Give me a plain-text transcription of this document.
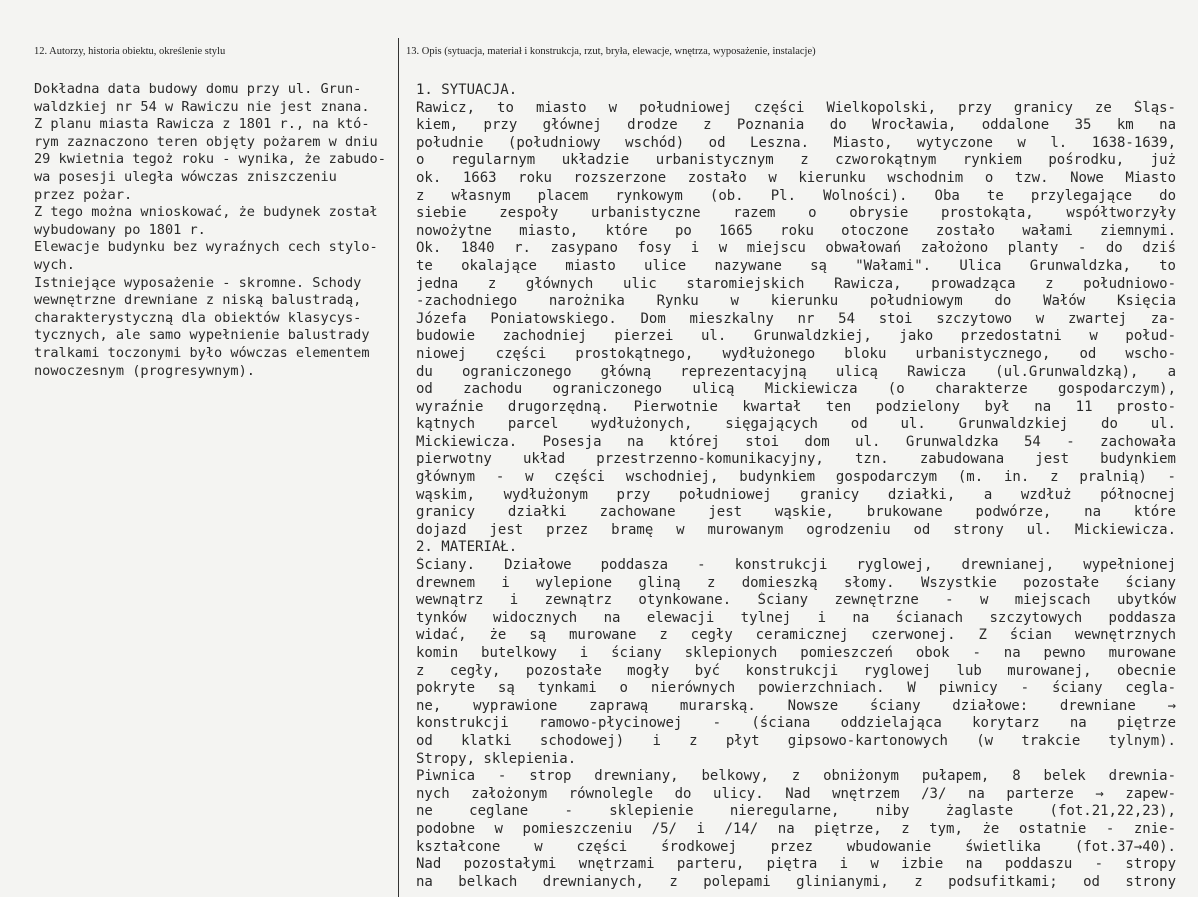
12. Autorzy, historia obiektu, określenie stylu	13. Opis (sytuacja, materiał i konstrukcja, rzut, bryła, elewacje, wnętrza, wyposażenie, instalacje)
Dokładna data budowy domu przy ul. Grun-
waldzkiej nr 54 w Rawiczu nie jest znana.
Z planu miasta Rawicza z 1801 r., na któ-
rym zaznaczono teren objęty pożarem w dniu
29 kwietnia tegoż roku - wynika, że zabudo-
wa posesji uległa wówczas zniszczeniu
przez pożar.
Z tego można wnioskować, że budynek został
wybudowany po 1801 r.
Elewacje budynku bez wyraźnych cech stylo-
wych.
Istniejące wyposażenie - skromne. Schody
wewnętrzne drewniane z niską balustradą,
charakterystyczną dla obiektów klasycys-
tycznych, ale samo wypełnienie balustrady
tralkami toczonymi było wówczas elementem
nowoczesnym (progresywnym).
1. SYTUACJA.
Rawicz, to miasto w południowej części Wielkopolski, przy granicy ze Śląs-
kiem, przy głównej drodze z Poznania do Wrocławia, oddalone 35 km na
południe (południowy wschód) od Leszna. Miasto, wytyczone w l. 1638-1639,
o regularnym układzie urbanistycznym z czworokątnym rynkiem pośrodku, już
ok. 1663 roku rozszerzone zostało w kierunku wschodnim o tzw. Nowe Miasto
z własnym placem rynkowym (ob. Pl. Wolności). Oba te przylegające do
siebie zespoły urbanistyczne razem o obrysie prostokąta, współtworzyły
nowożytne miasto, które po 1665 roku otoczone zostało wałami ziemnymi.
Ok. 1840 r. zasypano fosy i w miejscu obwałowań założono planty - do dziś
te okalające miasto ulice nazywane są "Wałami". Ulica Grunwaldzka, to
jedna z głównych ulic staromiejskich Rawicza, prowadząca z południowo-
-zachodniego narożnika Rynku w kierunku południowym do Wałów Księcia
Józefa Poniatowskiego. Dom mieszkalny nr 54 stoi szczytowo w zwartej za-
budowie zachodniej pierzei ul. Grunwaldzkiej, jako przedostatni w połud-
niowej części prostokątnego, wydłużonego bloku urbanistycznego, od wscho-
du ograniczonego główną reprezentacyjną ulicą Rawicza (ul.Grunwaldzką), a
od zachodu ograniczonego ulicą Mickiewicza (o charakterze gospodarczym),
wyraźnie drugorzędną. Pierwotnie kwartał ten podzielony był na 11 prosto-
kątnych parcel wydłużonych, sięgających od ul. Grunwaldzkiej do ul.
Mickiewicza. Posesja na której stoi dom ul. Grunwaldzka 54 - zachowała
pierwotny układ przestrzenno-komunikacyjny, tzn. zabudowana jest budynkiem
głównym - w części wschodniej, budynkiem gospodarczym (m. in. z pralnią) -
wąskim, wydłużonym przy południowej granicy działki, a wzdłuż północnej
granicy działki zachowane jest wąskie, brukowane podwórze, na które
dojazd jest przez bramę w murowanym ogrodzeniu od strony ul. Mickiewicza.
2. MATERIAŁ.
Ściany. Działowe poddasza - konstrukcji ryglowej, drewnianej, wypełnionej
drewnem i wylepione gliną z domieszką słomy. Wszystkie pozostałe ściany
wewnątrz i zewnątrz otynkowane. Ściany zewnętrzne - w miejscach ubytków
tynków widocznych na elewacji tylnej i na ścianach szczytowych poddasza
widać, że są murowane z cegły ceramicznej czerwonej. Z ścian wewnętrznych
komin butelkowy i ściany sklepionych pomieszczeń obok - na pewno murowane
z cegły, pozostałe mogły być konstrukcji ryglowej lub murowanej, obecnie
pokryte są tynkami o nierównych powierzchniach. W piwnicy - ściany cegla-
ne, wyprawione zaprawą murarską. Nowsze ściany działowe: drewniane →
konstrukcji ramowo-płycinowej - (ściana oddzielająca korytarz na piętrze
od klatki schodowej) i z płyt gipsowo-kartonowych (w trakcie tylnym).
Stropy, sklepienia.
Piwnica - strop drewniany, belkowy, z obniżonym pułapem, 8 belek drewnia-
nych założonym równolegle do ulicy. Nad wnętrzem /3/ na parterze → zapew-
ne ceglane - sklepienie nieregularne, niby żaglaste (fot.21,22,23),
podobne w pomieszczeniu /5/ i /14/ na piętrze, z tym, że ostatnie - znie-
kształcone w części środkowej przez wbudowanie świetlika (fot.37→40).
Nad pozostałymi wnętrzami parteru, piętra i w izbie na poddaszu - stropy
na belkach drewnianych, z polepami glinianymi, z podsufitkami; od strony
